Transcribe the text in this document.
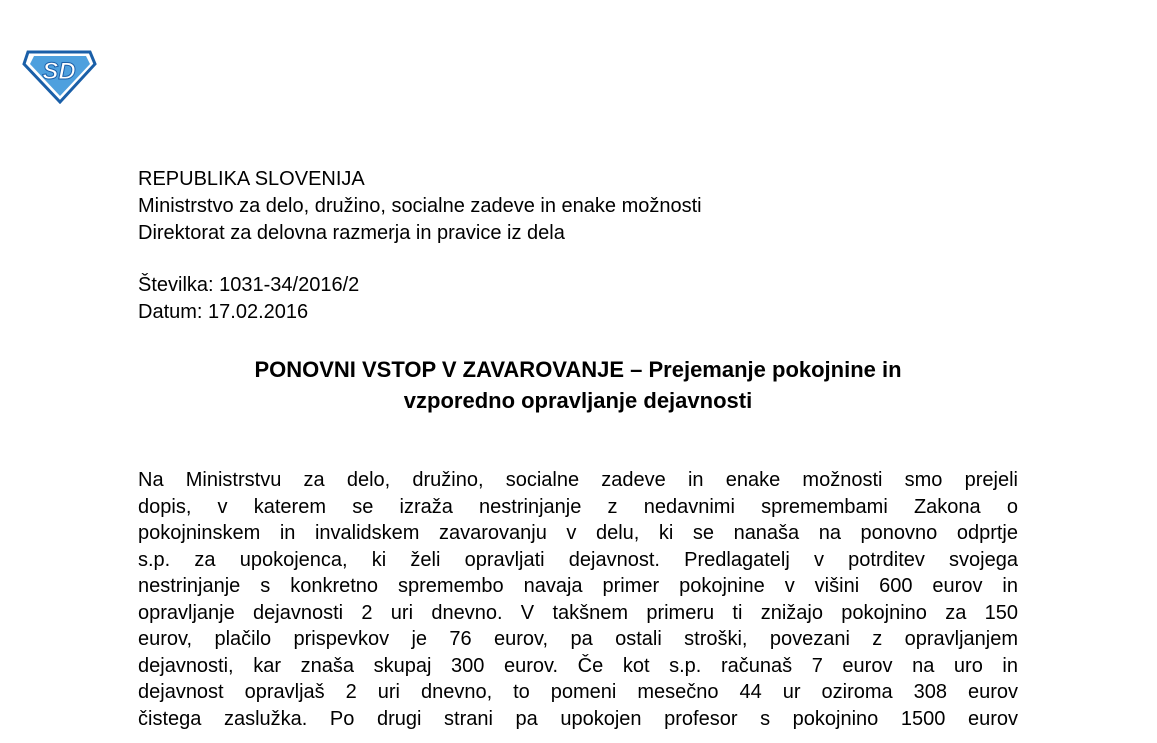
SD
REPUBLIKA SLOVENIJA
Ministrstvo za delo, družino, socialne zadeve in enake možnosti
Direktorat za delovna razmerja in pravice iz dela
Številka: 1031-34/2016/2
Datum: 17.02.2016
PONOVNI VSTOP V ZAVAROVANJE – Prejemanje pokojnine in
vzporedno opravljanje dejavnosti
Na Ministrstvu za delo, družino, socialne zadeve in enake možnosti smo prejeli
dopis, v katerem se izraža nestrinjanje z nedavnimi spremembami Zakona o
pokojninskem in invalidskem zavarovanju v delu, ki se nanaša na ponovno odprtje
s.p. za upokojenca, ki želi opravljati dejavnost. Predlagatelj v potrditev svojega
nestrinjanje s konkretno spremembo navaja primer pokojnine v višini 600 eurov in
opravljanje dejavnosti 2 uri dnevno. V takšnem primeru ti znižajo pokojnino za 150
eurov, plačilo prispevkov je 76 eurov, pa ostali stroški, povezani z opravljanjem
dejavnosti, kar znaša skupaj 300 eurov. Če kot s.p. računaš 7 eurov na uro in
dejavnost opravljaš 2 uri dnevno, to pomeni mesečno 44 ur oziroma 308 eurov
čistega zaslužka. Po drugi strani pa upokojen profesor s pokojnino 1500 eurov
